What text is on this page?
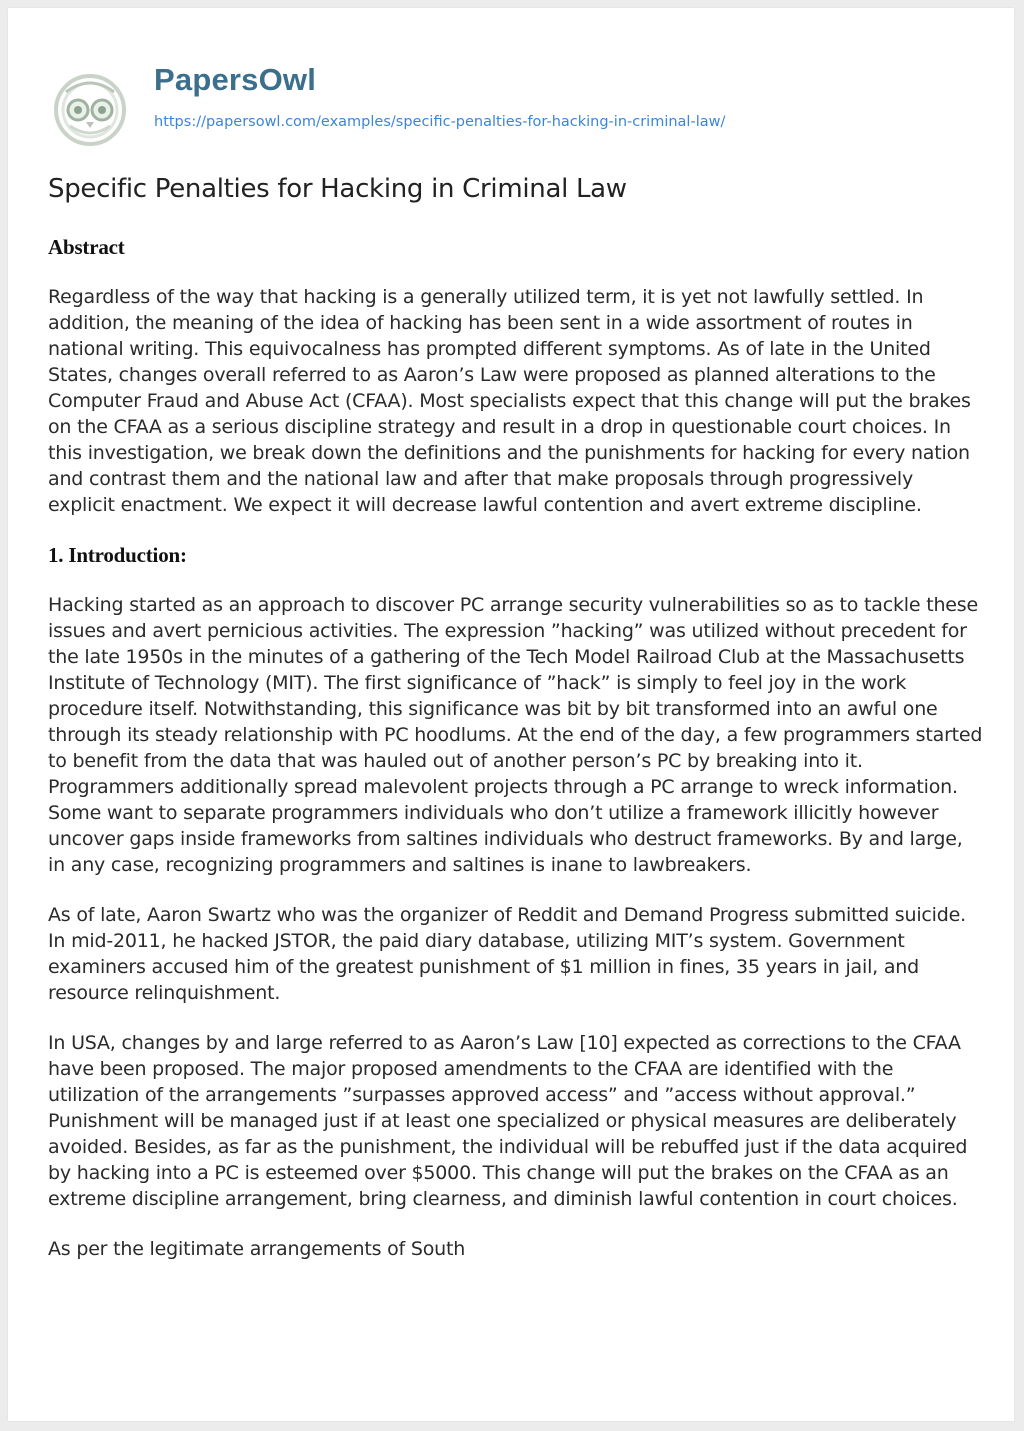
PapersOwl
https://papersowl.com/examples/specific-penalties-for-hacking-in-criminal-law/
Specific Penalties for Hacking in Criminal Law
Abstract

Regardless of the way that hacking is a generally utilized term, it is yet not lawfully settled. In addition, the meaning of the idea of hacking has been sent in a wide assortment of routes in national writing. This equivocalness has prompted different symptoms. As of late in the United States, changes overall referred to as Aaron’s Law were proposed as planned alterations to the Computer Fraud and Abuse Act (CFAA). Most specialists expect that this change will put the brakes on the CFAA as a serious discipline strategy and result in a drop in questionable court choices. In this investigation, we break down the definitions and the punishments for hacking for every nation and contrast them and the national law and after that make proposals through progressively explicit enactment. We expect it will decrease lawful contention and avert extreme discipline.

1. Introduction:

Hacking started as an approach to discover PC arrange security vulnerabilities so as to tackle these issues and avert pernicious activities. The expression ”hacking” was utilized without precedent for the late 1950s in the minutes of a gathering of the Tech Model Railroad Club at the Massachusetts Institute of Technology (MIT). The first significance of ”hack” is simply to feel joy in the work procedure itself. Notwithstanding, this significance was bit by bit transformed into an awful one through its steady relationship with PC hoodlums. At the end of the day, a few programmers started to benefit from the data that was hauled out of another person’s PC by breaking into it. Programmers additionally spread malevolent projects through a PC arrange to wreck information. Some want to separate programmers individuals who don’t utilize a framework illicitly however uncover gaps inside frameworks from saltines individuals who destruct frameworks. By and large, in any case, recognizing programmers and saltines is inane to lawbreakers.

As of late, Aaron Swartz who was the organizer of Reddit and Demand Progress submitted suicide. In mid-2011, he hacked JSTOR, the paid diary database, utilizing MIT’s system. Government examiners accused him of the greatest punishment of $1 million in fines, 35 years in jail, and resource relinquishment.

In USA, changes by and large referred to as Aaron’s Law [10] expected as corrections to the CFAA have been proposed. The major proposed amendments to the CFAA are identified with the utilization of the arrangements ”surpasses approved access” and ”access without approval.” Punishment will be managed just if at least one specialized or physical measures are deliberately avoided. Besides, as far as the punishment, the individual will be rebuffed just if the data acquired by hacking into a PC is esteemed over $5000. This change will put the brakes on the CFAA as an extreme discipline arrangement, bring clearness, and diminish lawful contention in court choices.

As per the legitimate arrangements of South
